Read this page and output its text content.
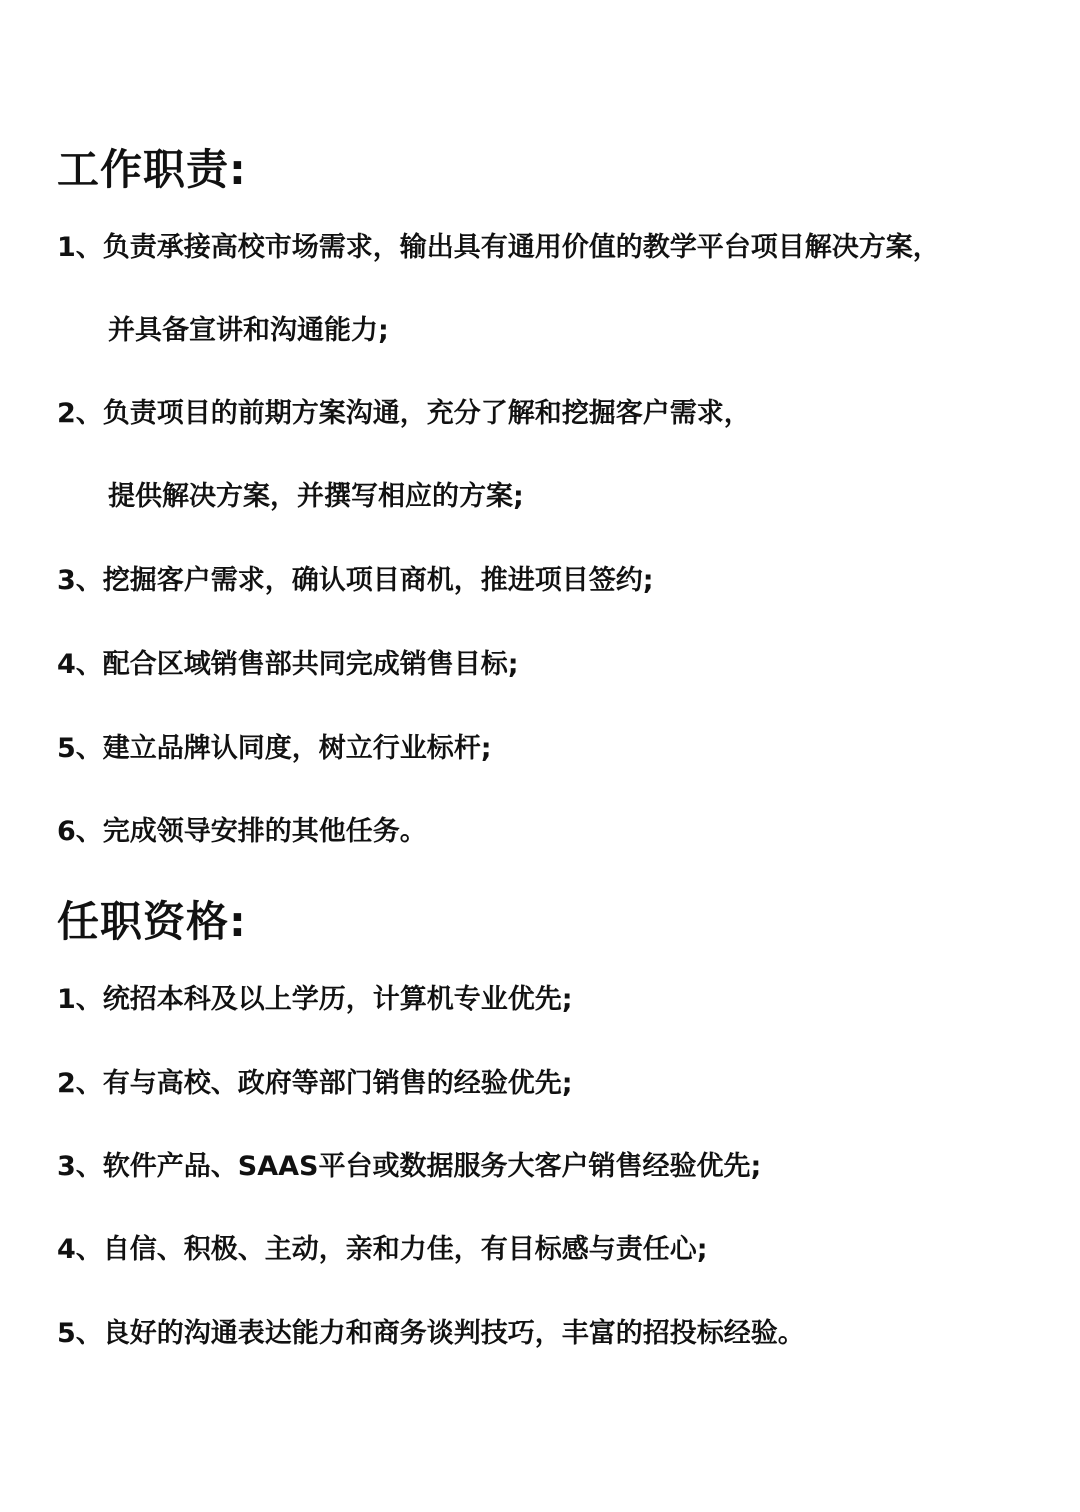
工作职责:
1、负责承接高校市场需求，输出具有通用价值的教学平台项目解决方案，
并具备宣讲和沟通能力;
2、负责项目的前期方案沟通，充分了解和挖掘客户需求，
提供解决方案，并撰写相应的方案;
3、挖掘客户需求，确认项目商机，推进项目签约;
4、配合区域销售部共同完成销售目标;
5、建立品牌认同度，树立行业标杆;
6、完成领导安排的其他任务。
任职资格:
1、统招本科及以上学历，计算机专业优先;
2、有与高校、政府等部门销售的经验优先;
3、软件产品、SAAS平台或数据服务大客户销售经验优先;
4、自信、积极、主动，亲和力佳，有目标感与责任心;
5、良好的沟通表达能力和商务谈判技巧，丰富的招投标经验。
